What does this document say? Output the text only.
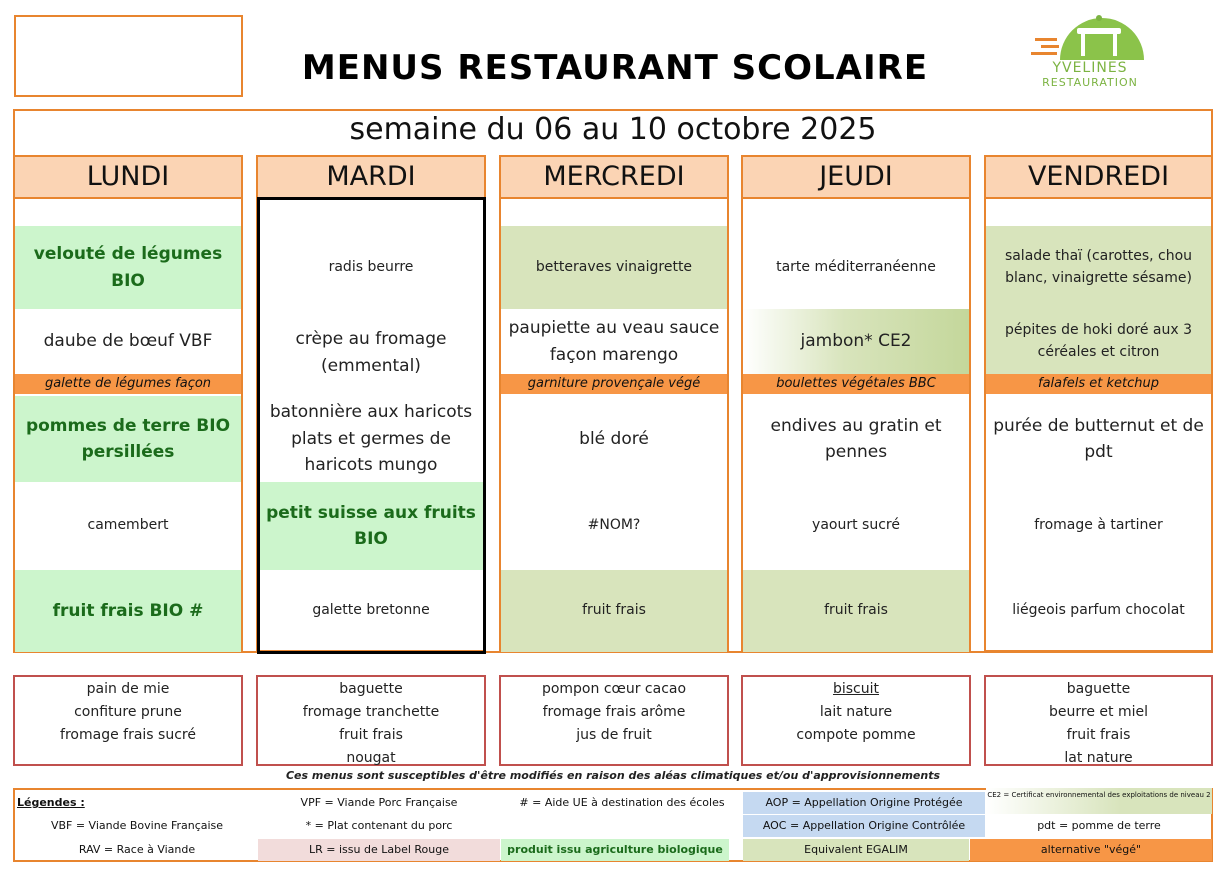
MENUS RESTAURANT SCOLAIRE	YVELINES
RESTAURATION
semaine du 06 au 10 octobre 2025
LUNDI
velouté de légumes BIO
daube de bœuf VBF
galette de légumes façon
pommes de terre BIO persillées
camembert
fruit frais BIO #
MARDI
radis beurre
crèpe au fromage (emmental)
batonnière aux haricots plats et germes de haricots mungo
petit suisse aux fruits BIO
galette bretonne
MERCREDI
betteraves vinaigrette
paupiette au veau sauce façon marengo
garniture provençale végé
blé doré
#NOM?
fruit frais
JEUDI
tarte méditerranéenne
jambon* CE2
boulettes végétales BBC
endives au gratin et pennes
yaourt sucré
fruit frais
VENDREDI
salade thaï (carottes, chou blanc, vinaigrette sésame)
pépites de hoki doré aux 3 céréales et citron
falafels et ketchup
purée de butternut et de pdt
fromage à tartiner
liégeois parfum chocolat
pain de mie
confiture prune
fromage frais sucré
baguette
fromage tranchette
fruit frais
nougat
pompon cœur cacao
fromage frais arôme
jus de fruit
biscuit
lait nature
compote pomme
baguette
beurre et miel
fruit frais
lat nature
Ces menus sont susceptibles d'être modifiés en raison des aléas climatiques et/ou d'approvisionnements
Légendes :
VBF = Viande Bovine Française
RAV = Race à Viande
VPF = Viande Porc Française
* = Plat contenant du porc
LR = issu de Label Rouge
# = Aide UE à destination des écoles
produit issu agriculture biologique
AOP = Appellation Origine Protégée
AOC = Appellation Origine Contrôlée
Equivalent EGALIM
CE2 = Certificat environnemental des exploitations de niveau 2
pdt = pomme de terre
alternative "végé"
